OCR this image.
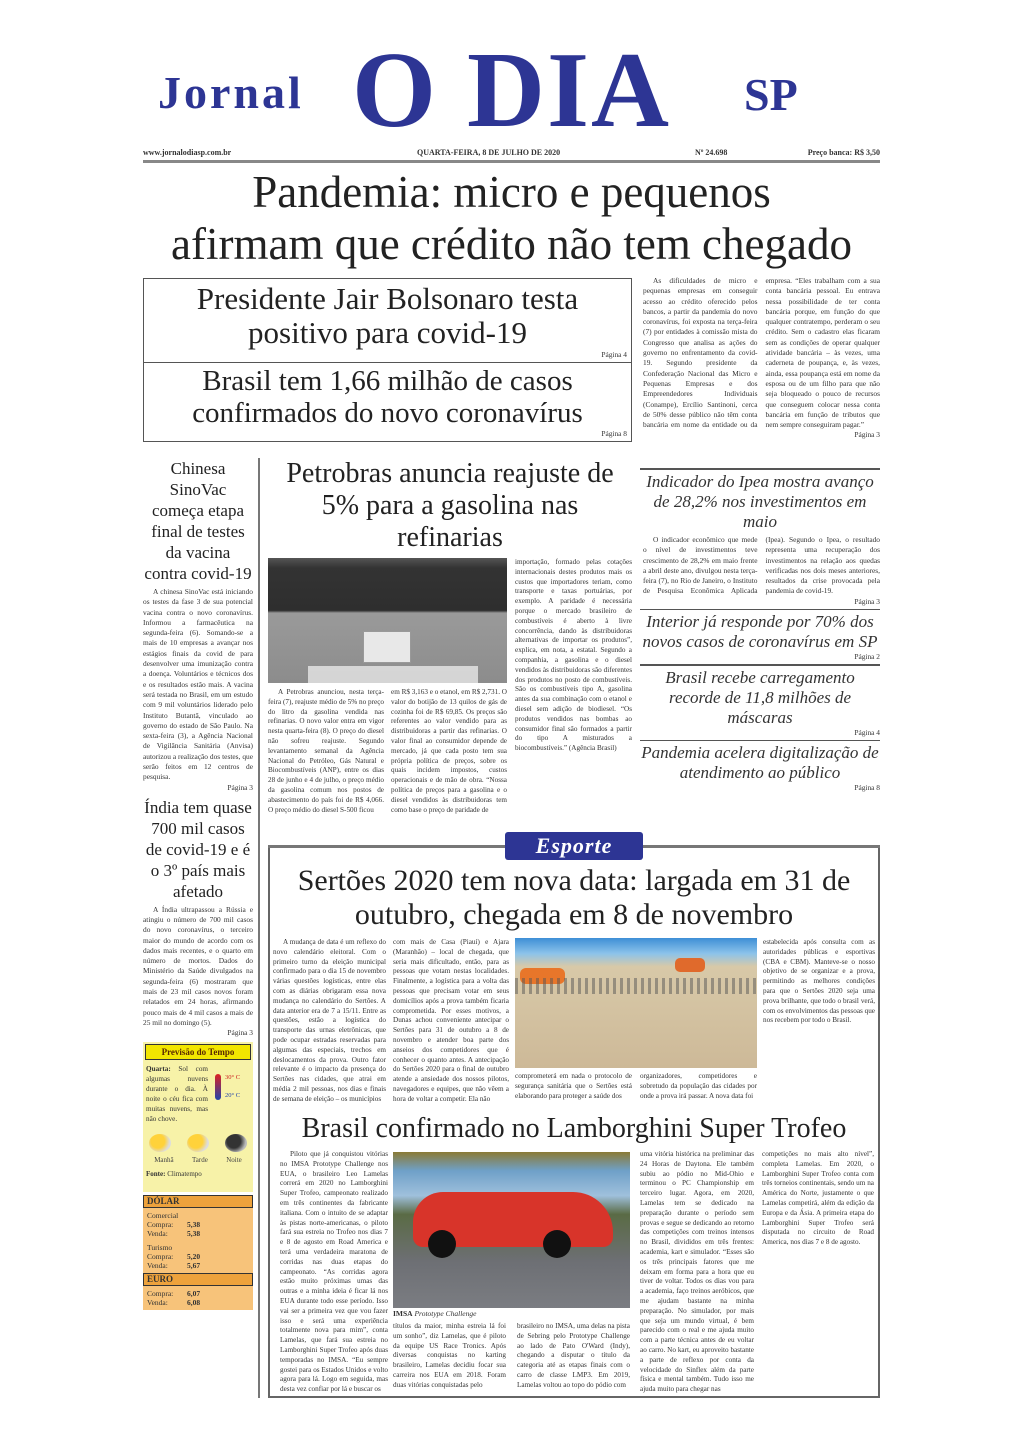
Jornal O DIA SP
www.jornalodiasp.com.br	QUARTA-FEIRA, 8 DE JULHO DE 2020	Nº 24.698	Preço banca: R$ 3,50
Pandemia: micro e pequenos
afirmam que crédito não tem chegado
Presidente Jair Bolsonaro testa positivo para covid-19
Página 4
Brasil tem 1,66 milhão de casos confirmados do novo coronavírus
Página 8

As dificuldades de micro e pequenas empresas em conseguir acesso ao crédito oferecido pelos bancos, a partir da pandemia do novo coronavírus, foi exposta na terça-feira (7) por entidades à comissão mista do Congresso que analisa as ações do governo no enfrentamento da covid-19. Segundo presidente da Confederação Nacional das Micro e Pequenas Empresas e dos Empreendedores Individuais (Conampe), Ercílio Santinoni, cerca de 50% desse público não têm conta bancária em nome da entidade ou da empresa. “Eles trabalham com a sua conta bancária pessoal. Eu entrava nessa possibilidade de ter conta bancária porque, em função do que qualquer contratempo, perderam o seu crédito. Sem o cadastro elas ficaram sem as condições de operar qualquer atividade bancária – às vezes, uma caderneta de poupança, e, às vezes, ainda, essa poupança está em nome da esposa ou de um filho para que não seja bloqueado o pouco de recursos que conseguem colocar nessa conta bancária em função de tributos que nem sempre conseguiram pagar.”

Página 3
Chinesa SinoVac começa etapa final de testes da vacina contra covid-19

A chinesa SinoVac está iniciando os testes da fase 3 de sua potencial vacina contra o novo coronavírus. Informou a farmacêutica na segunda-feira (6). Somando-se a mais de 10 empresas a avançar nos estágios finais da covid de para desenvolver uma imunização contra a doença. Voluntários e técnicos dos e os resultados estão mais. A vacina será testada no Brasil, em um estudo com 9 mil voluntários liderado pelo Instituto Butantã, vinculado ao governo do estado de São Paulo. Na sexta-feira (3), a Agência Nacional de Vigilância Sanitária (Anvisa) autorizou a realização dos testes, que serão feitos em 12 centros de pesquisa.

Página 3
Índia tem quase 700 mil casos de covid-19 e é o 3º país mais afetado

A Índia ultrapassou a Rússia e atingiu o número de 700 mil casos do novo coronavírus, o terceiro maior do mundo de acordo com os dados mais recentes, e o quarto em número de mortos. Dados do Ministério da Saúde divulgados na segunda-feira (6) mostraram que mais de 23 mil casos novos foram relatados em 24 horas, afirmando pouco mais de 4 mil casos a mais de 25 mil no domingo (5).

Página 3
Previsão do Tempo
Quarta: Sol com algumas nuvens durante o dia. À noite o céu fica com muitas nuvens, mas não chove.
30° C
20° C
Manhã	Tarde	Noite
Fonte: Climatempo
DÓLAR
Comercial
Compra: 5,38
Venda:	5,38
Turismo
Compra: 5,20
Venda:	5,67
EURO
Compra: 6,07
Venda:	6,08
Petrobras anuncia reajuste de 5% para a gasolina nas refinarias
A Petrobras anunciou, nesta terça-feira (7), reajuste médio de 5% no preço do litro da gasolina vendida nas refinarias. O novo valor entra em vigor nesta quarta-feira (8). O preço do diesel não sofreu reajuste. Segundo levantamento semanal da Agência Nacional do Petróleo, Gás Natural e Biocombustíveis (ANP), entre os dias 28 de junho e 4 de julho, o preço médio da gasolina comum nos postos de abastecimento do país foi de R$ 4,066. O preço médio do diesel S-500 ficou
em R$ 3,163 e o etanol, em R$ 2,731. O valor do botijão de 13 quilos de gás de cozinha foi de R$ 69,85. Os preços são referentes ao valor vendido para as distribuidoras a partir das refinarias. O valor final ao consumidor depende de mercado, já que cada posto tem sua própria política de preços, sobre os quais incidem impostos, custos operacionais e de mão de obra. “Nossa política de preços para a gasolina e o diesel vendidos às distribuidoras tem como base o preço de paridade de
importação, formado pelas cotações internacionais destes produtos mais os custos que importadores teriam, como transporte e taxas portuárias, por exemplo. A paridade é necessária porque o mercado brasileiro de combustíveis é aberto à livre concorrência, dando às distribuidoras alternativas de importar os produtos”, explica, em nota, a estatal. Segundo a companhia, a gasolina e o diesel vendidos às distribuidoras são diferentes dos produtos no posto de combustíveis. São os combustíveis tipo A, gasolina antes da sua combinação com o etanol e diesel sem adição de biodiesel. “Os produtos vendidos nas bombas ao consumidor final são formados a partir do tipo A misturados a biocombustíveis.” (Agência Brasil)
Indicador do Ipea mostra avanço de 28,2% nos investimentos em maio

O indicador econômico que mede o nível de investimentos teve crescimento de 28,2% em maio frente a abril deste ano, divulgou nesta terça-feira (7), no Rio de Janeiro, o Instituto de Pesquisa Econômica Aplicada (Ipea). Segundo o Ipea, o resultado representa uma recuperação dos investimentos na relação aos quedas verificadas nos dois meses anteriores, resultados da crise provocada pela pandemia de covid-19.

Página 3
Interior já responde por 70% dos novos casos de coronavírus em SP
Página 2
Brasil recebe carregamento recorde de 11,8 milhões de máscaras
Página 4
Pandemia acelera digitalização de atendimento ao público
Página 8
Esporte
Sertões 2020 tem nova data: largada em 31 de outubro, chegada em 8 de novembro
A mudança de data é um reflexo do novo calendário eleitoral. Com o primeiro turno da eleição municipal confirmado para o dia 15 de novembro várias questões logísticas, entre elas com as diárias obrigaram essa nova mudança no calendário do Sertões. A data anterior era de 7 a 15/11. Entre as questões, estão a logística do transporte das urnas eletrônicas, que pode ocupar estradas reservadas para algumas das especiais, trechos em deslocamentos da prova. Outro fator relevante é o impacto da presença do Sertões nas cidades, que atrai em média 2 mil pessoas, nos dias e finais de semana de eleição – os municípios
com mais de Casa (Piauí) e Ajara (Maranhão) – local de chegada, que seria mais dificultado, então, para as pessoas que votam nestas localidades. Finalmente, a logística para a volta das pessoas que precisam votar em seus domicílios após a prova também ficaria comprometida. Por esses motivos, a Dunas achou conveniente antecipar o Sertões para 31 de outubro a 8 de novembro e atender boa parte dos anseios dos competidores que é conhecer o quanto antes. A antecipação do Sertões 2020 para o final de outubro atende a ansiedade dos nossos pilotos, navegadores e equipes, que não vêem a hora de voltar a competir. Ela não
comprometerá em nada o protocolo de segurança sanitária que o Sertões está elaborando para proteger a saúde dos
organizadores, competidores e sobretudo da população das cidades por onde a prova irá passar. A nova data foi
estabelecida após consulta com as autoridades públicas e esportivas (CBA e CBM). Manteve-se o nosso objetivo de se organizar e a prova, permitindo as melhores condições para que o Sertões 2020 seja uma prova brilhante, que todo o brasil verá, com os envolvimentos das pessoas que nos recebem por todo o Brasil.
Brasil confirmado no Lamborghini Super Trofeo
IMSA Prototype Challenge
Piloto que já conquistou vitórias no IMSA Prototype Challenge nos EUA, o brasileiro Leo Lamelas correrá em 2020 no Lamborghini Super Trofeo, campeonato realizado em três continentes da fabricante italiana. Com o intuito de se adaptar às pistas norte-americanas, o piloto fará sua estreia no Trofeo nos dias 7 e 8 de agosto em Road America e terá uma verdadeira maratona de corridas nas duas etapas do campeonato. “As corridas agora estão muito próximas umas das outras e a minha ideia é ficar lá nos EUA durante todo esse período. Isso vai ser a primeira vez que vou fazer isso e será uma experiência totalmente nova para mim”, conta Lamelas, que fará sua estreia no Lamborghini Super Trofeo após duas temporadas no IMSA. “Eu sempre gostei para os Estados Unidos e volto agora para lá. Logo em seguida, mas desta vez confiar por lá e buscar os
títulos da maior, minha estreia lá foi um sonho”, diz Lamelas, que é piloto da equipe US Race Tronics. Após diversas conquistas no karting brasileiro, Lamelas decidiu focar sua carreira nos EUA em 2018. Foram duas vitórias conquistadas pelo
brasileiro no IMSA, uma delas na pista de Sebring pelo Prototype Challenge ao lado de Pato O'Ward (Indy), chegando a disputar o título da categoria até as etapas finais com o carro de classe LMP3. Em 2019, Lamelas voltou ao topo do pódio com
uma vitória histórica na preliminar das 24 Horas de Daytona. Ele também subiu ao pódio no Mid-Ohio e terminou o PC Championship em terceiro lugar. Agora, em 2020, Lamelas tem se dedicado na preparação durante o período sem provas e segue se dedicando ao retorno das competições com treinos intensos no Brasil, divididos em três frentes: academia, kart e simulador. “Esses são os três principais fatores que me deixam em forma para a hora que eu tiver de voltar. Todos os dias vou para a academia, faço treinos aeróbicos, que me ajudam bastante na minha preparação. No simulador, por mais que seja um mundo virtual, é bem parecido com o real e me ajuda muito com a parte técnica antes de eu voltar ao carro. No kart, eu aproveito bastante a parte de reflexo por conta da velocidade do Sinflex além da parte física e mental também. Tudo isso me ajuda muito para chegar nas
competições no mais alto nível”, completa Lamelas. Em 2020, o Lamborghini Super Trofeo conta com três torneios continentais, sendo um na América do Norte, justamente o que Lamelas competirá, além da edição da Europa e da Ásia. A primeira etapa do Lamborghini Super Trofeo será disputada no circuito de Road America, nos dias 7 e 8 de agosto.
